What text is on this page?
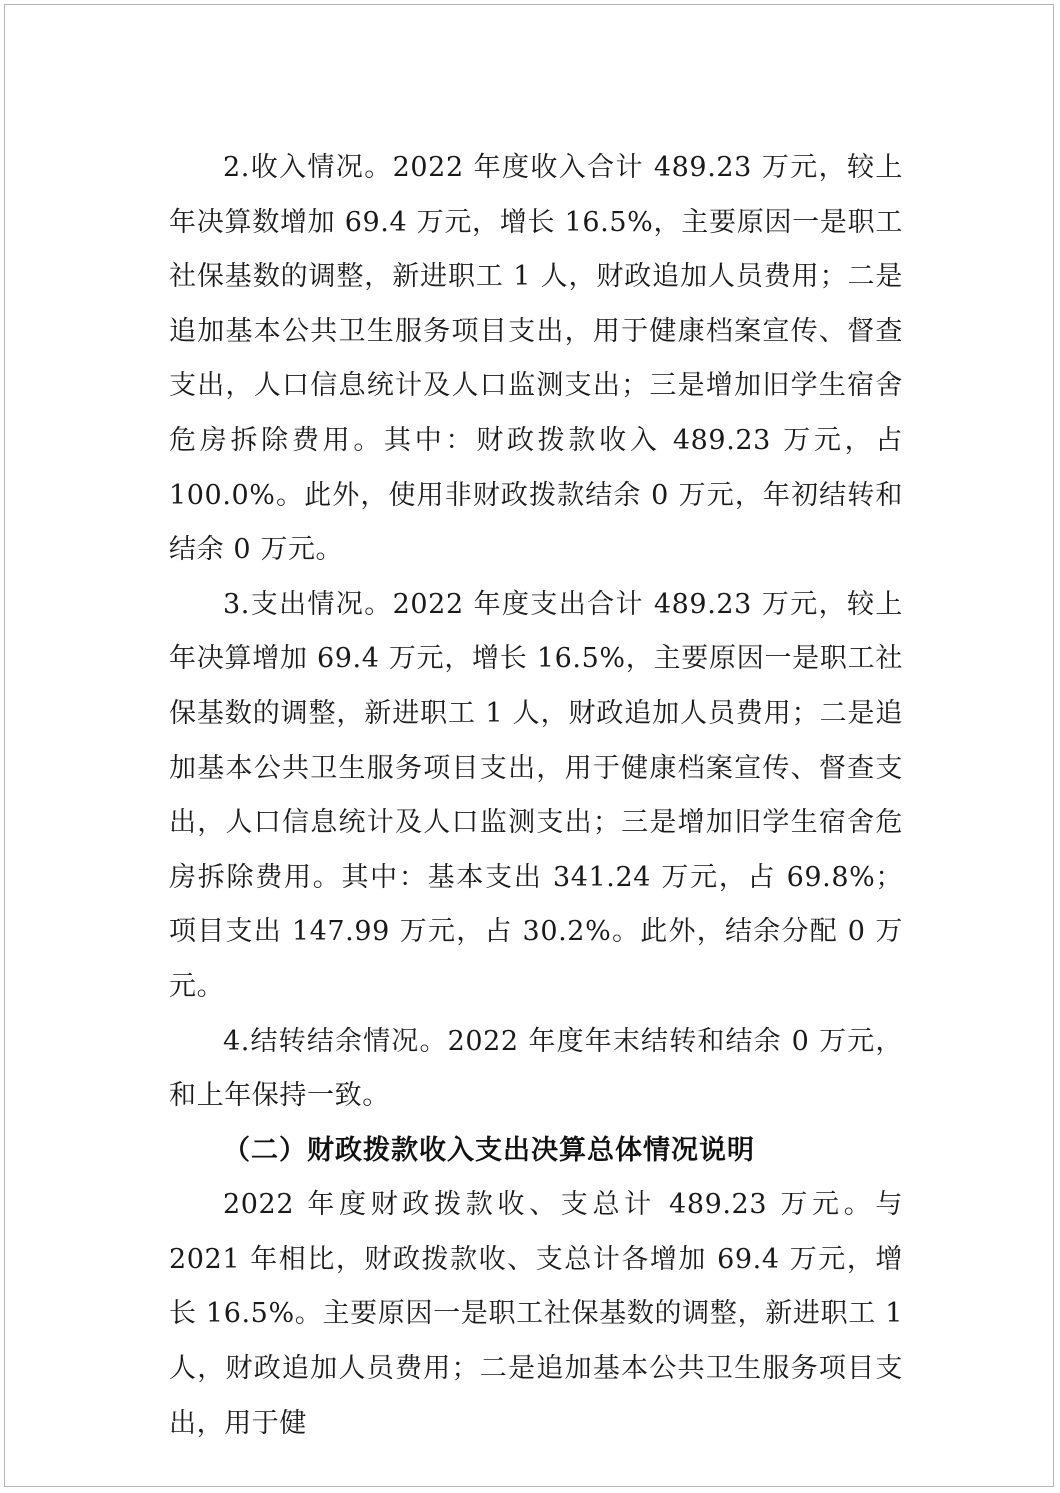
2.收入情况。2022 年度收入合计 489.23 万元，较上年决算数增加 69.4 万元，增长 16.5%，主要原因一是职工社保基数的调整，新进职工 1 人，财政追加人员费用；二是追加基本公共卫生服务项目支出，用于健康档案宣传、督查支出，人口信息统计及人口监测支出；三是增加旧学生宿舍危房拆除费用。其中：财政拨款收入 489.23 万元，占 100.0%。此外，使用非财政拨款结余 0 万元，年初结转和结余 0 万元。

3.支出情况。2022 年度支出合计 489.23 万元，较上年决算增加 69.4 万元，增长 16.5%，主要原因一是职工社保基数的调整，新进职工 1 人，财政追加人员费用；二是追加基本公共卫生服务项目支出，用于健康档案宣传、督查支出，人口信息统计及人口监测支出；三是增加旧学生宿舍危房拆除费用。其中：基本支出 341.24 万元，占 69.8%；项目支出 147.99 万元，占 30.2%。此外，结余分配 0 万元。

4.结转结余情况。2022 年度年末结转和结余 0 万元，和上年保持一致。

（二）财政拨款收入支出决算总体情况说明

2022 年度财政拨款收、支总计 489.23 万元。与 2021 年相比，财政拨款收、支总计各增加 69.4 万元，增长 16.5%。主要原因一是职工社保基数的调整，新进职工 1 人，财政追加人员费用；二是追加基本公共卫生服务项目支出，用于健
